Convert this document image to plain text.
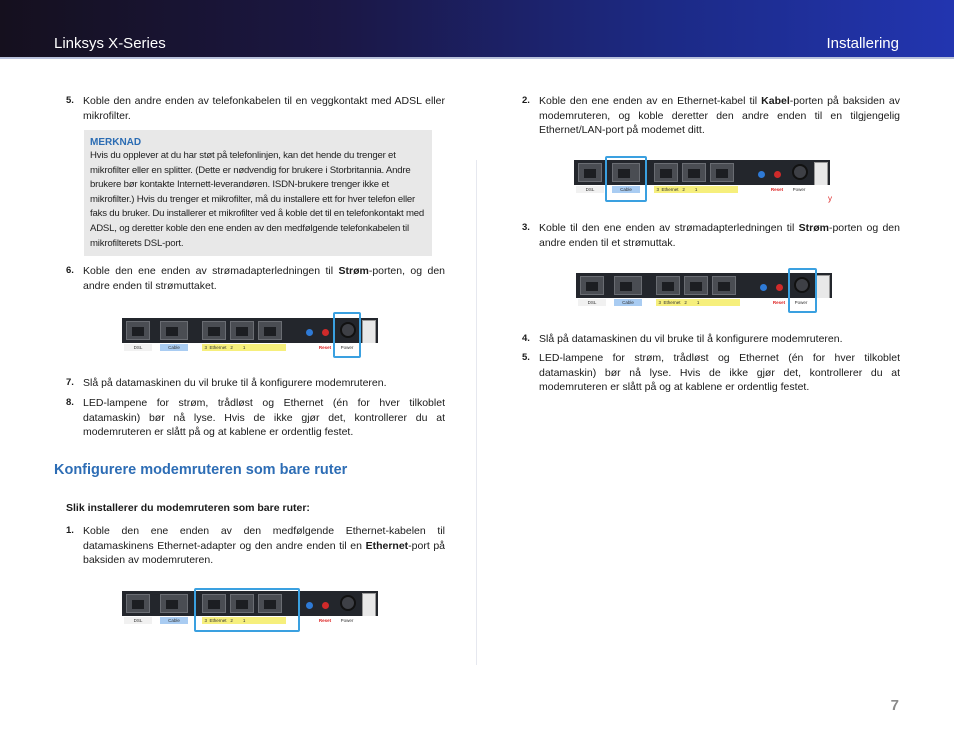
Linksys X-Series	Installering
5. Koble den andre enden av telefonkabelen til en veggkontakt med ADSL eller mikrofilter.
MERKNAD
Hvis du opplever at du har støt på telefonlinjen, kan det hende du trenger et mikrofilter eller en splitter. (Dette er nødvendig for brukere i Storbritannia. Andre brukere bør kontakte Internett-leverandøren. ISDN-brukere trenger ikke et mikrofilter.) Hvis du trenger et mikrofilter, må du installere ett for hver telefon eller faks du bruker. Du installerer et mikrofilter ved å koble det til en telefonkontakt med ADSL, og deretter koble den ene enden av den medfølgende telefonkabelen til mikrofilterets DSL-port.
6. Koble den ene enden av strømadapterledningen til Strøm-porten, og den andre enden til strømuttaket.
DSL	Cable	3 Ethernet 2 1	Reset	Power
7. Slå på datamaskinen du vil bruke til å konfigurere modemruteren.
8. LED-lampene for strøm, trådløst og Ethernet (én for hver tilkoblet datamaskin) bør nå lyse. Hvis de ikke gjør det, kontrollerer du at modemruteren er slått på og at kablene er ordentlig festet.
Konfigurere modemruteren som bare ruter
Slik installerer du modemruteren som bare ruter:
1. Koble den ene enden av den medfølgende Ethernet-kabelen til datamaskinens Ethernet-adapter og den andre enden til en Ethernet-port på baksiden av modemruteren.
DSL	Cable	3 Ethernet 2 1	Reset	Power
2. Koble den ene enden av en Ethernet-kabel til Kabel-porten på baksiden av modemruteren, og koble deretter den andre enden til en tilgjengelig Ethernet/LAN-port på modemet ditt.
DSL	Cable	3 Ethernet 2 1	Reset	Power
y
3. Koble til den ene enden av strømadapterledningen til Strøm-porten og den andre enden til et strømuttak.
DSL	Cable	3 Ethernet 2 1	Reset	Power
4. Slå på datamaskinen du vil bruke til å konfigurere modemruteren.
5. LED-lampene for strøm, trådløst og Ethernet (én for hver tilkoblet datamaskin) bør nå lyse. Hvis de ikke gjør det, kontrollerer du at modemruteren er slått på og at kablene er ordentlig festet.
7
